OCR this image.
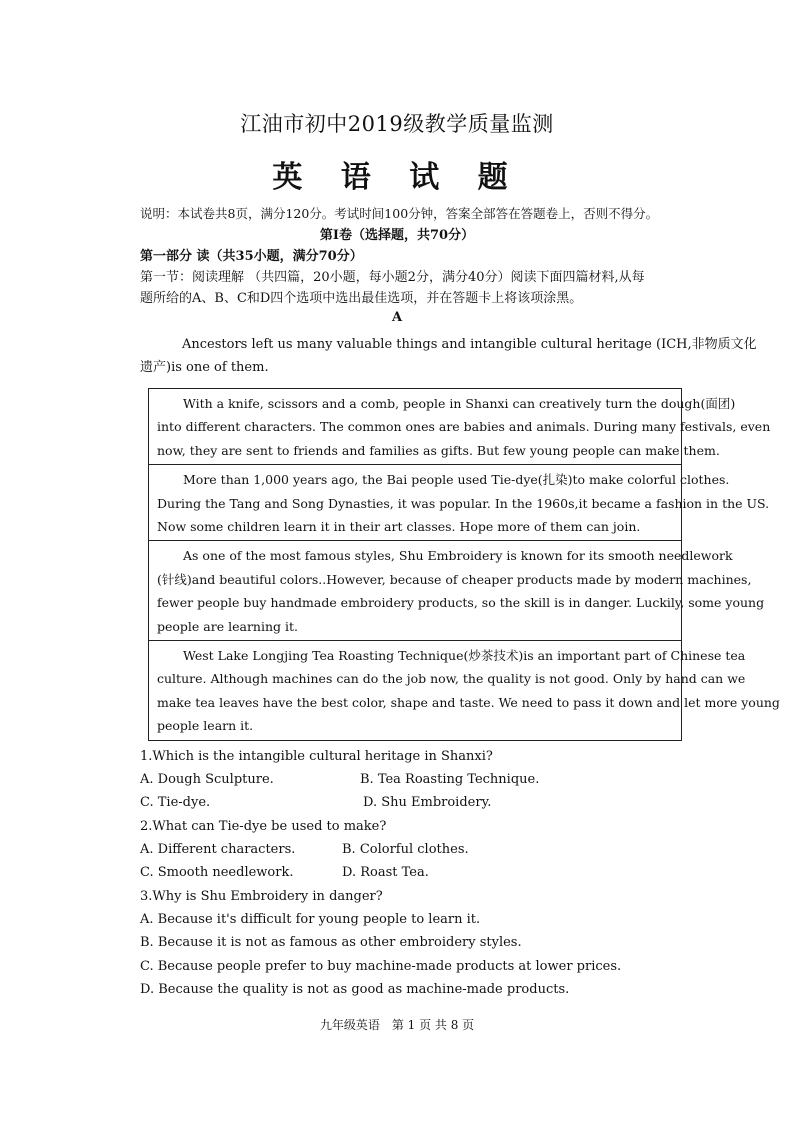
江油市初中2019级教学质量监测
英 语 试 题
说明：本试卷共8页，满分120分。考试时间100分钟，答案全部答在答题卷上，否则不得分。
第Ⅰ卷（选择题，共70分）
第一部分 读（共35小题，满分70分）
第一节：阅读理解 （共四篇，20小题，每小题2分，满分40分）阅读下面四篇材料,从每
题所给的A、B、C和D四个选项中选出最佳选项，并在答题卡上将该项涂黑。
A
Ancestors left us many valuable things and intangible cultural heritage (ICH,非物质文化
遗产)is one of them.
With a knife, scissors and a comb, people in Shanxi can creatively turn the dough(面团)
into different characters. The common ones are babies and animals. During many festivals, even
now, they are sent to friends and families as gifts. But few young people can make them.
More than 1,000 years ago, the Bai people used Tie-dye(扎染)to make colorful clothes.
During the Tang and Song Dynasties, it was popular. In the 1960s,it became a fashion in the US.
Now some children learn it in their art classes. Hope more of them can join.
As one of the most famous styles, Shu Embroidery is known for its smooth needlework
(针线)and beautiful colors..However, because of cheaper products made by modern machines,
fewer people buy handmade embroidery products, so the skill is in danger. Luckily, some young
people are learning it.
West Lake Longjing Tea Roasting Technique(炒茶技术)is an important part of Chinese tea
culture. Although machines can do the job now, the quality is not good. Only by hand can we
make tea leaves have the best color, shape and taste. We need to pass it down and let more young
people learn it.
1.Which is the intangible cultural heritage in Shanxi?
A. Dough Sculpture.	B. Tea Roasting Technique.
C. Tie-dye.	D. Shu Embroidery.
2.What can Tie-dye be used to make?
A. Different characters.	B. Colorful clothes.
C. Smooth needlework.	D. Roast Tea.
3.Why is Shu Embroidery in danger?
A. Because it's difficult for young people to learn it.
B. Because it is not as famous as other embroidery styles.
C. Because people prefer to buy machine-made products at lower prices.
D. Because the quality is not as good as machine-made products.
九年级英语　第 1 页 共 8 页
